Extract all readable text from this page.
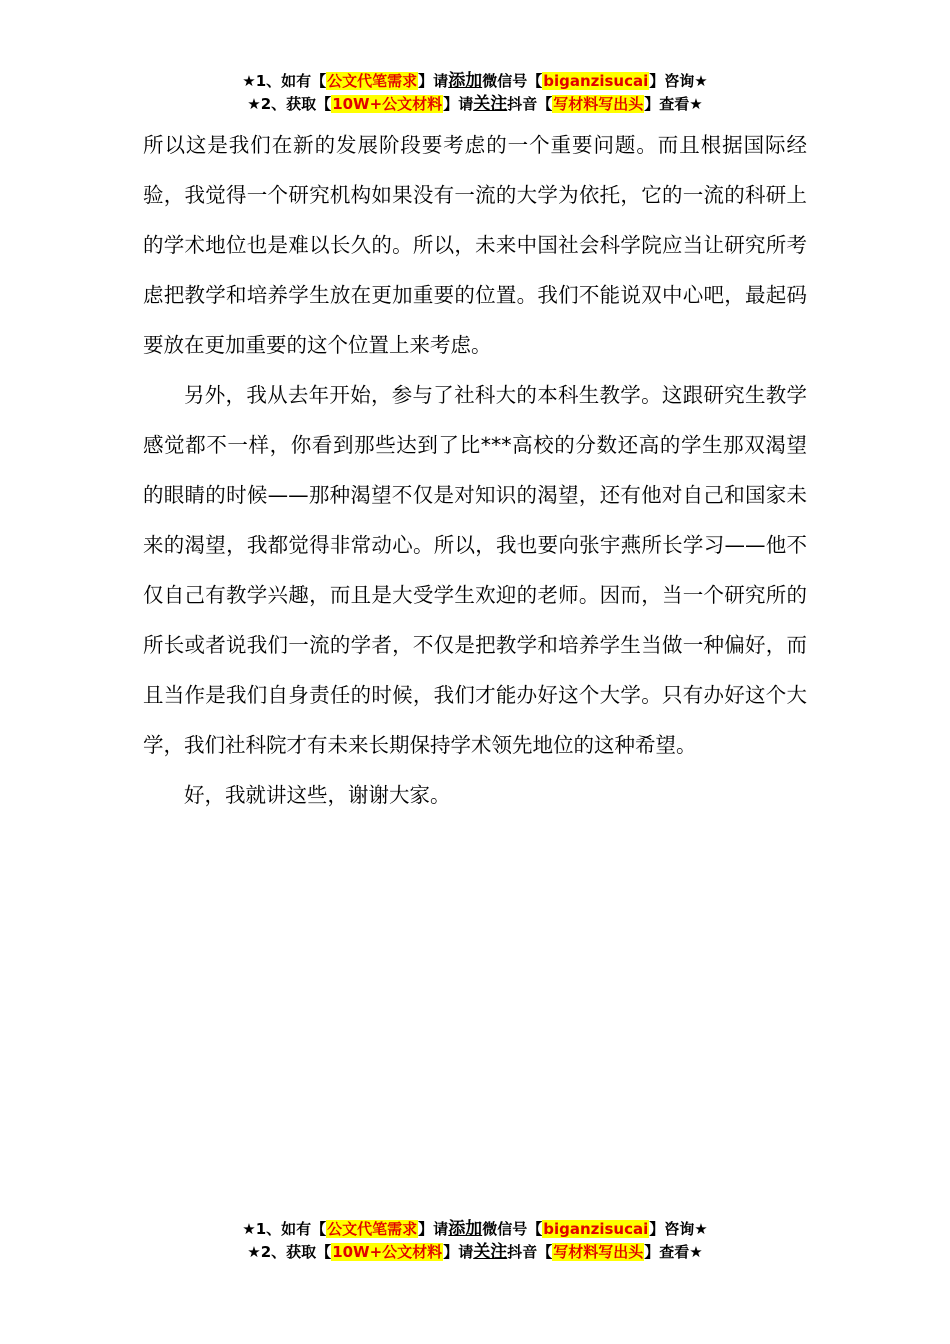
★1、如有【公文代笔需求】请添加微信号【biganzisucai】咨询★
★2、获取【10W+公文材料】请关注抖音【写材料写出头】查看★

所以这是我们在新的发展阶段要考虑的一个重要问题。而且根据国际经验，我觉得一个研究机构如果没有一流的大学为依托，它的一流的科研上的学术地位也是难以长久的。所以，未来中国社会科学院应当让研究所考虑把教学和培养学生放在更加重要的位置。我们不能说双中心吧，最起码要放在更加重要的这个位置上来考虑。

另外，我从去年开始，参与了社科大的本科生教学。这跟研究生教学感觉都不一样，你看到那些达到了比***高校的分数还高的学生那双渴望的眼睛的时候——那种渴望不仅是对知识的渴望，还有他对自己和国家未来的渴望，我都觉得非常动心。所以，我也要向张宇燕所长学习——他不仅自己有教学兴趣，而且是大受学生欢迎的老师。因而，当一个研究所的所长或者说我们一流的学者，不仅是把教学和培养学生当做一种偏好，而且当作是我们自身责任的时候，我们才能办好这个大学。只有办好这个大学，我们社科院才有未来长期保持学术领先地位的这种希望。

好，我就讲这些，谢谢大家。

★1、如有【公文代笔需求】请添加微信号【biganzisucai】咨询★
★2、获取【10W+公文材料】请关注抖音【写材料写出头】查看★
